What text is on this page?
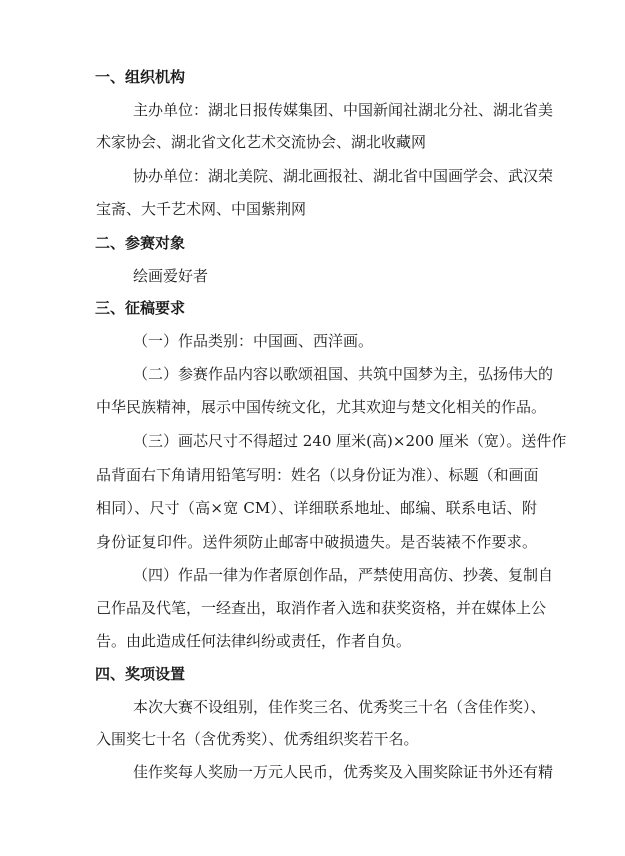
一、组织机构
主办单位：湖北日报传媒集团、中国新闻社湖北分社、湖北省美
术家协会、湖北省文化艺术交流协会、湖北收藏网
协办单位：湖北美院、湖北画报社、湖北省中国画学会、武汉荣
宝斋、大千艺术网、中国紫荆网
二、参赛对象
绘画爱好者
三、征稿要求
（一）作品类别：中国画、西洋画。
（二）参赛作品内容以歌颂祖国、共筑中国梦为主，弘扬伟大的
中华民族精神，展示中国传统文化，尤其欢迎与楚文化相关的作品。
（三）画芯尺寸不得超过 240 厘米(高)×200 厘米（宽）。送件作
品背面右下角请用铅笔写明：姓名（以身份证为准）、标题（和画面
相同）、尺寸（高×宽 CM）、详细联系地址、邮编、联系电话、附
身份证复印件。送件须防止邮寄中破损遗失。是否装裱不作要求。
（四）作品一律为作者原创作品，严禁使用高仿、抄袭、复制自
己作品及代笔，一经查出，取消作者入选和获奖资格，并在媒体上公
告。由此造成任何法律纠纷或责任，作者自负。
四、奖项设置
本次大赛不设组别，佳作奖三名、优秀奖三十名（含佳作奖）、
入围奖七十名（含优秀奖）、优秀组织奖若干名。
佳作奖每人奖励一万元人民币，优秀奖及入围奖除证书外还有精
